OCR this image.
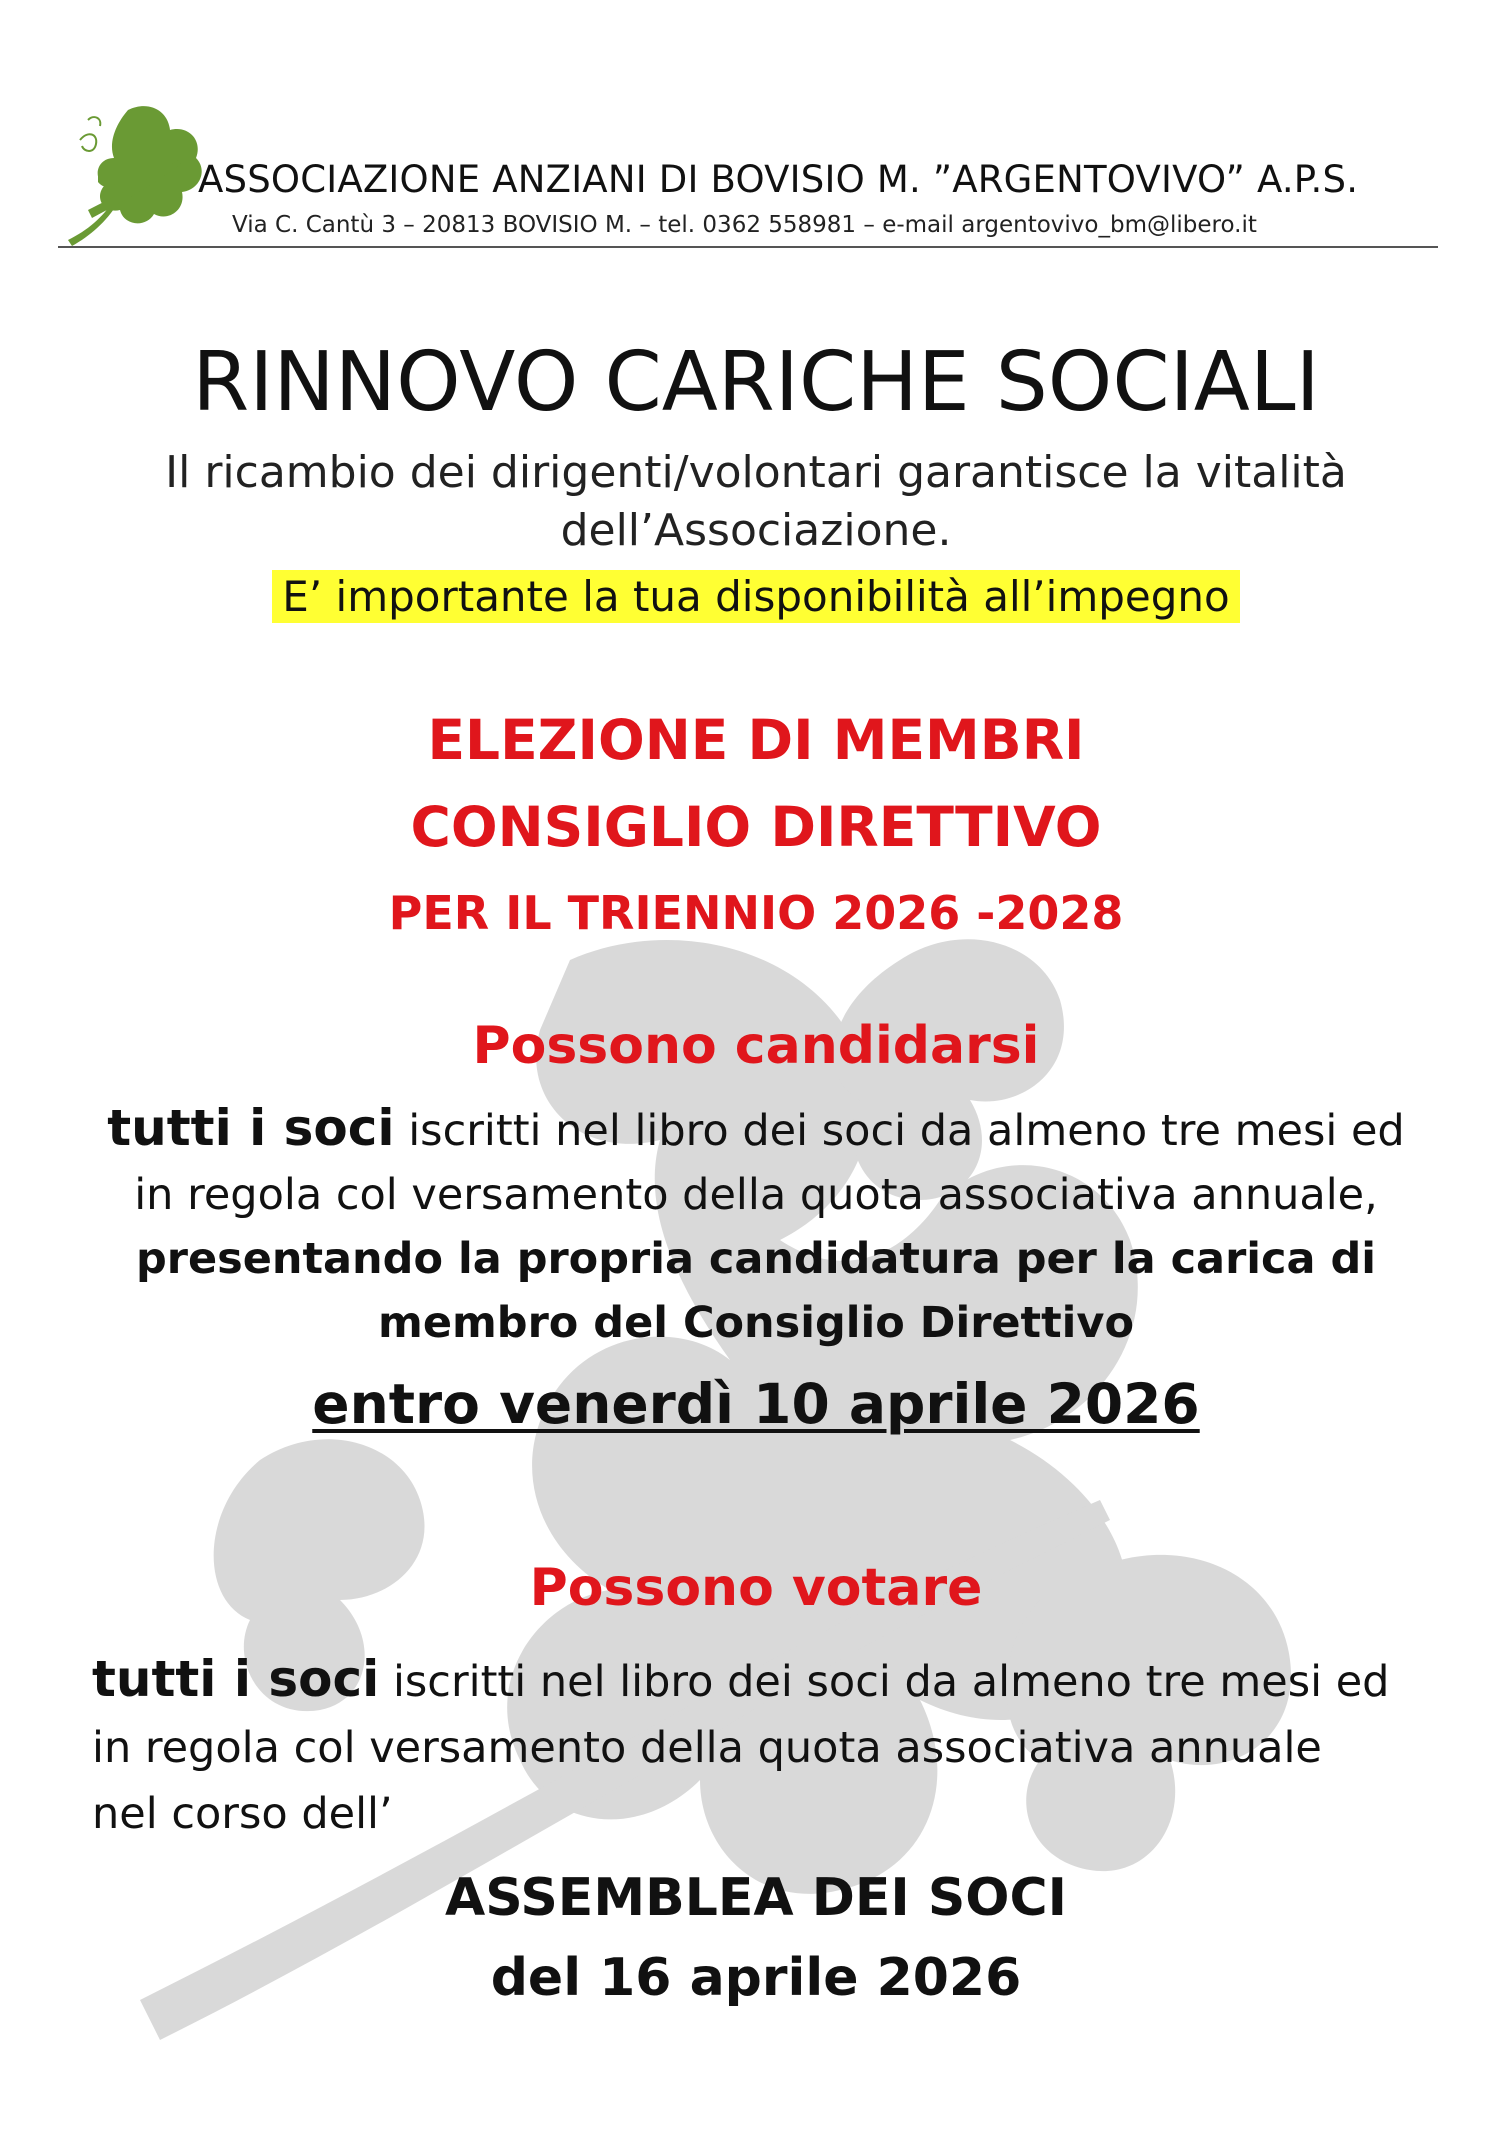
ASSOCIAZIONE ANZIANI DI BOVISIO M. ”ARGENTOVIVO” A.P.S.
Via C. Cantù 3 – 20813 BOVISIO M. – tel. 0362 558981 – e-mail argentovivo_bm@libero.it
RINNOVO CARICHE SOCIALI
Il ricambio dei dirigenti/volontari garantisce la vitalità
dell’Associazione.
E’ importante la tua disponibilità all’impegno
ELEZIONE DI MEMBRI
CONSIGLIO DIRETTIVO
PER IL TRIENNIO 2026 -2028
Possono candidarsi
tutti i soci iscritti nel libro dei soci da almeno tre mesi ed
in regola col versamento della quota associativa annuale,
presentando la propria candidatura per la carica di
membro del Consiglio Direttivo
entro venerdì 10 aprile 2026
Possono votare
tutti i soci iscritti nel libro dei soci da almeno tre mesi ed
in regola col versamento della quota associativa annuale
nel corso dell’
ASSEMBLEA DEI SOCI
del 16 aprile 2026
